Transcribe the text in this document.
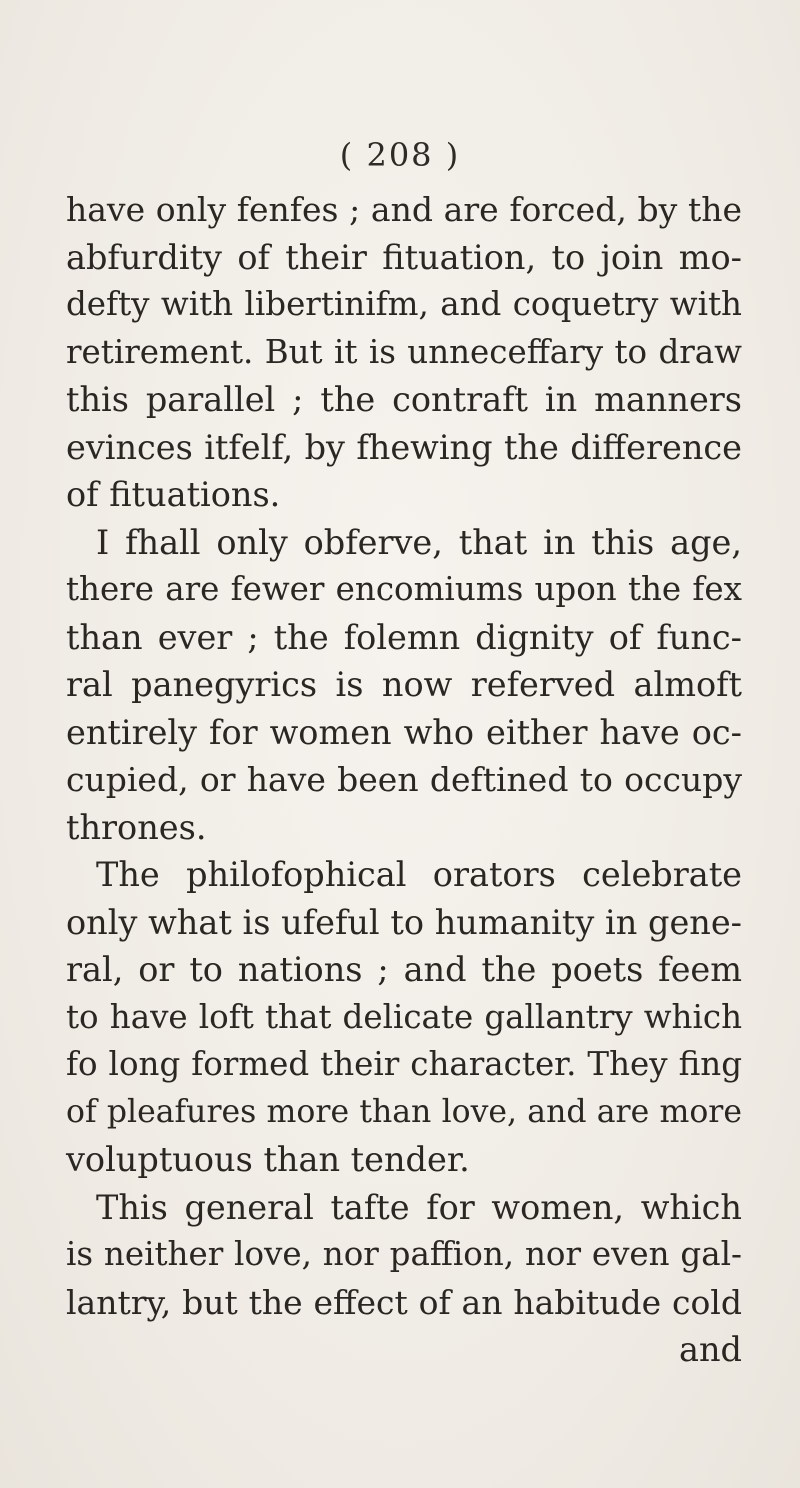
( 208 )
have only fenfes ; and are forced, by the
abfurdity of their fituation, to join mo-
defty with libertinifm, and coquetry with
retirement. But it is unneceffary to draw
this parallel ; the contraft in manners
evinces itfelf, by fhewing the difference
of fituations.
I fhall only obferve, that in this age,
there are fewer encomiums upon the fex
than ever ; the folemn dignity of func-
ral panegyrics is now referved almoft
entirely for women who either have oc-
cupied, or have been deftined to occupy
thrones.
The philofophical orators celebrate
only what is ufeful to humanity in gene-
ral, or to nations ; and the poets feem
to have loft that delicate gallantry which
fo long formed their character. They fing
of pleafures more than love, and are more
voluptuous than tender.
This general tafte for women, which
is neither love, nor paffion, nor even gal-
lantry, but the effect of an habitude cold
and
